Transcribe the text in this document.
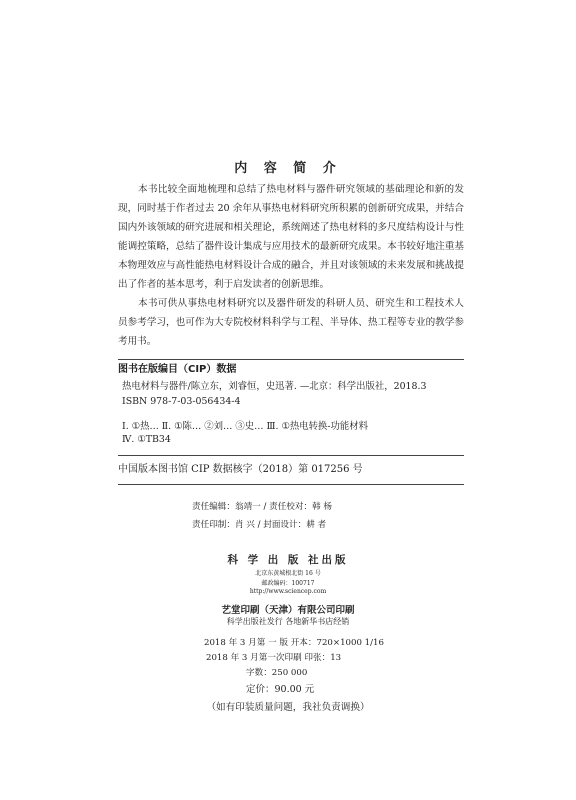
内 容 简 介

本书比较全面地梳理和总结了热电材料与器件研究领域的基础理论和新的发现，同时基于作者过去 20 余年从事热电材料研究所积累的创新研究成果，并结合国内外该领域的研究进展和相关理论，系统阐述了热电材料的多尺度结构设计与性能调控策略，总结了器件设计集成与应用技术的最新研究成果。本书较好地注重基本物理效应与高性能热电材料设计合成的融合，并且对该领域的未来发展和挑战提出了作者的基本思考，利于启发读者的创新思维。

本书可供从事热电材料研究以及器件研发的科研人员、研究生和工程技术人员参考学习，也可作为大专院校材料科学与工程、半导体、热工程等专业的教学参考用书。

图书在版编目（CIP）数据
热电材料与器件/陈立东，刘睿恒，史迅著. —北京：科学出版社，2018.3
ISBN 978-7-03-056434-4
Ⅰ. ①热… Ⅱ. ①陈… ②刘… ③史… Ⅲ. ①热电转换-功能材料
Ⅳ. ①TB34
中国版本图书馆 CIP 数据核字（2018）第 017256 号
责任编辑：翁靖一 / 责任校对：韩 杨
责任印制：肖 兴 / 封面设计：耕 者
科 学 出 版 社出版
北京东黄城根北街 16 号
邮政编码：100717
http://www.sciencep.com
艺堂印刷（天津）有限公司印刷
科学出版社发行 各地新华书店经销
2018 年 3 月第 一 版 开本：720×1000 1/16
2018 年 3 月第一次印刷 印张：13
字数：250 000
定价：90.00 元
（如有印装质量问题，我社负责调换）
